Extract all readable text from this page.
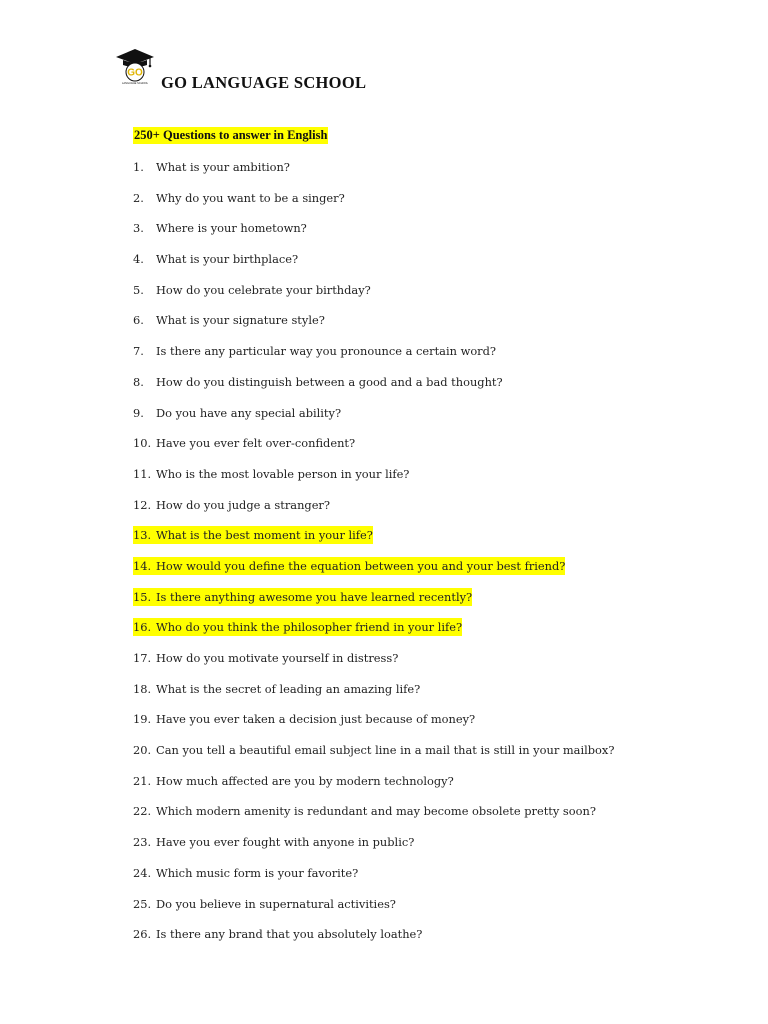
GO
LANGUAGE SCHOOL GO LANGUAGE SCHOOL
250+ Questions to answer in English
1. What is your ambition?
2. Why do you want to be a singer?
3. Where is your hometown?
4. What is your birthplace?
5. How do you celebrate your birthday?
6. What is your signature style?
7. Is there any particular way you pronounce a certain word?
8. How do you distinguish between a good and a bad thought?
9. Do you have any special ability?
10. Have you ever felt over-confident?
11. Who is the most lovable person in your life?
12. How do you judge a stranger?
13. What is the best moment in your life?
14. How would you define the equation between you and your best friend?
15. Is there anything awesome you have learned recently?
16. Who do you think the philosopher friend in your life?
17. How do you motivate yourself in distress?
18. What is the secret of leading an amazing life?
19. Have you ever taken a decision just because of money?
20. Can you tell a beautiful email subject line in a mail that is still in your mailbox?
21. How much affected are you by modern technology?
22. Which modern amenity is redundant and may become obsolete pretty soon?
23. Have you ever fought with anyone in public?
24. Which music form is your favorite?
25. Do you believe in supernatural activities?
26. Is there any brand that you absolutely loathe?
